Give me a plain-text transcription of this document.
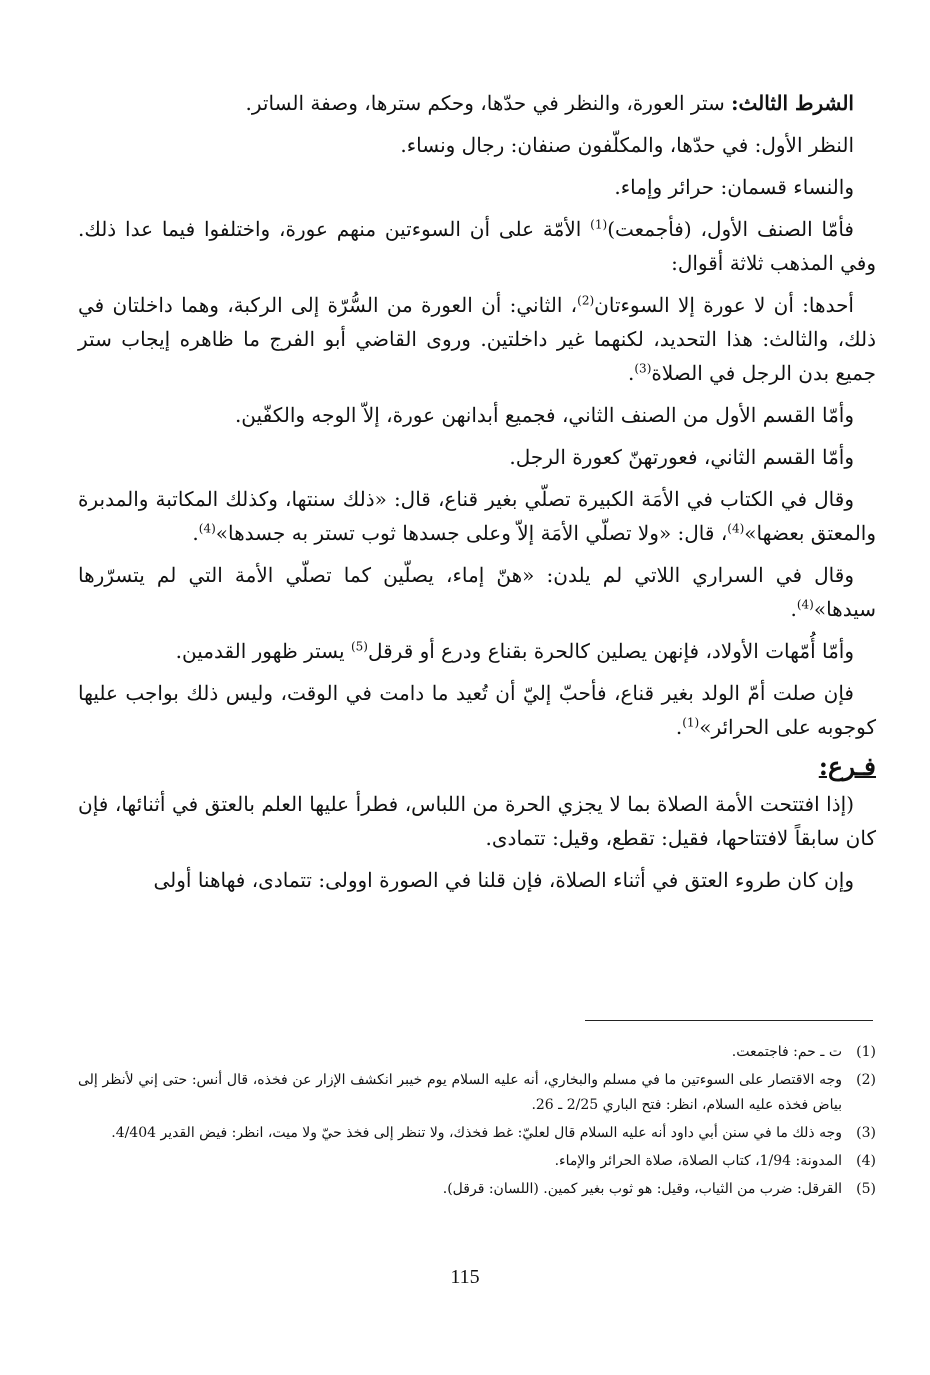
الشرط الثالث: ستر العورة، والنظر في حدّها، وحكم سترها، وصفة الساتر.

النظر الأول: في حدّها، والمكلّفون صنفان: رجال ونساء.

والنساء قسمان: حرائر وإماء.

فأمّا الصنف الأول، (فأجمعت)$^{(1)}$ الأمّة على أن السوءتين منهم عورة، واختلفوا فيما عدا ذلك. وفي المذهب ثلاثة أقوال:

أحدها: أن لا عورة إلا السوءتان$^{(2)}$، الثاني: أن العورة من السُّرّة إلى الركبة، وهما داخلتان في ذلك، والثالث: هذا التحديد، لكنهما غير داخلتين. وروى القاضي أبو الفرج ما ظاهره إيجاب ستر جميع بدن الرجل في الصلاة$^{(3)}$.

وأمّا القسم الأول من الصنف الثاني، فجميع أبدانهن عورة، إلاّ الوجه والكفّين.

وأمّا القسم الثاني، فعورتهنّ كعورة الرجل.

وقال في الكتاب في الأمَة الكبيرة تصلّي بغير قناع، قال: «ذلك سنتها، وكذلك المكاتبة والمدبرة والمعتق بعضها»$^{(4)}$، قال: «ولا تصلّي الأمَة إلاّ وعلى جسدها ثوب تستر به جسدها»$^{(4)}$.

وقال في السراري اللاتي لم يلدن: «هنّ إماء، يصلّين كما تصلّي الأمة التي لم يتسرّرها سيدها»$^{(4)}$.

وأمّا أُمّهات الأولاد، فإنهن يصلين كالحرة بقناع ودرع أو قرقل$^{(5)}$ يستر ظهور القدمين.

فإن صلت أمّ الولد بغير قناع، فأحبّ إليّ أن تُعيد ما دامت في الوقت، وليس ذلك بواجب عليها كوجوبه على الحرائر»$^{(1)}$.

فـرع:

(إذا افتتحت الأمة الصلاة بما لا يجزي الحرة من اللباس، فطرأ عليها العلم بالعتق في أثنائها، فإن كان سابقاً لافتتاحها، فقيل: تقطع، وقيل: تتمادى.

وإن كان طروء العتق في أثناء الصلاة، فإن قلنا في الصورة اوولى: تتمادى، فهاهنا أولى

(1)
ت ـ حم: فاجتمعت.
(2)
وجه الاقتصار على السوءتين ما في مسلم والبخاري، أنه عليه السلام يوم خيبر انكشف الإزار عن فخذه، قال أنس: حتى إني لأنظر إلى بياض فخذه عليه السلام، انظر: فتح الباري 2/25 ـ 26.
(3)
وجه ذلك ما في سنن أبي داود أنه عليه السلام قال لعليّ: غط فخذك، ولا تنظر إلى فخذ حيّ ولا ميت، انظر: فيض القدير 4/404.
(4)
المدونة: 1/94، كتاب الصلاة، صلاة الحرائر والإماء.
(5)
القرقل: ضرب من الثياب، وقيل: هو ثوب بغير كمين. (اللسان: قرقل).
115
